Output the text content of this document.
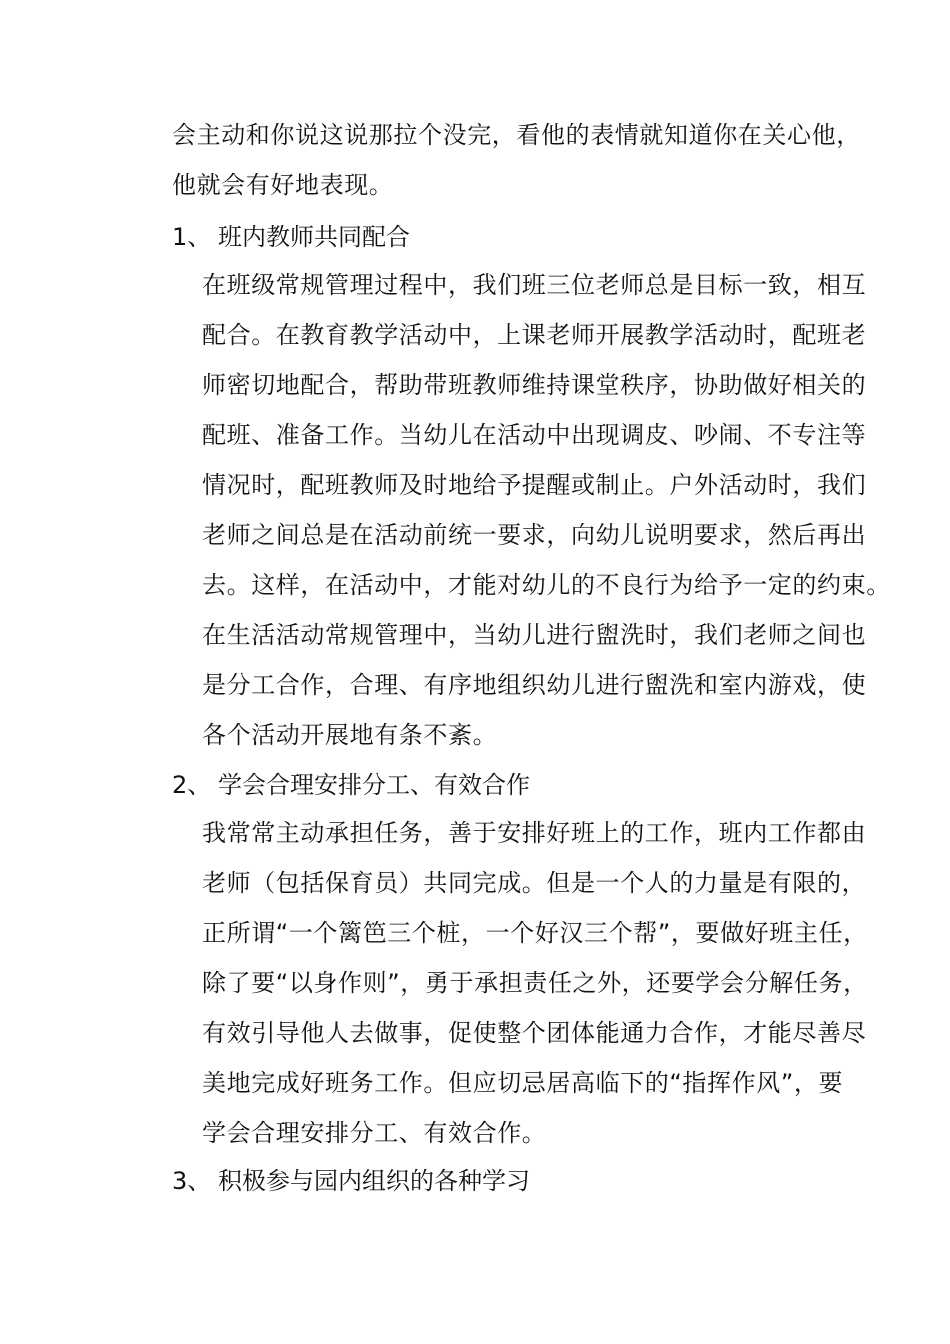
会主动和你说这说那拉个没完，看他的表情就知道你在关心他，
他就会有好地表现。
1、 班内教师共同配合
在班级常规管理过程中，我们班三位老师总是目标一致，相互
配合。在教育教学活动中，上课老师开展教学活动时，配班老
师密切地配合，帮助带班教师维持课堂秩序，协助做好相关的
配班、准备工作。当幼儿在活动中出现调皮、吵闹、不专注等
情况时，配班教师及时地给予提醒或制止。户外活动时，我们
老师之间总是在活动前统一要求，向幼儿说明要求，然后再出
去。这样，在活动中，才能对幼儿的不良行为给予一定的约束。
在生活活动常规管理中，当幼儿进行盥洗时，我们老师之间也
是分工合作，合理、有序地组织幼儿进行盥洗和室内游戏，使
各个活动开展地有条不紊。
2、 学会合理安排分工、有效合作
我常常主动承担任务，善于安排好班上的工作，班内工作都由
老师（包括保育员）共同完成。但是一个人的力量是有限的，
正所谓“一个篱笆三个桩，一个好汉三个帮”，要做好班主任，
除了要“以身作则”，勇于承担责任之外，还要学会分解任务，
有效引导他人去做事，促使整个团体能通力合作，才能尽善尽
美地完成好班务工作。但应切忌居高临下的“指挥作风”，要
学会合理安排分工、有效合作。
3、 积极参与园内组织的各种学习
